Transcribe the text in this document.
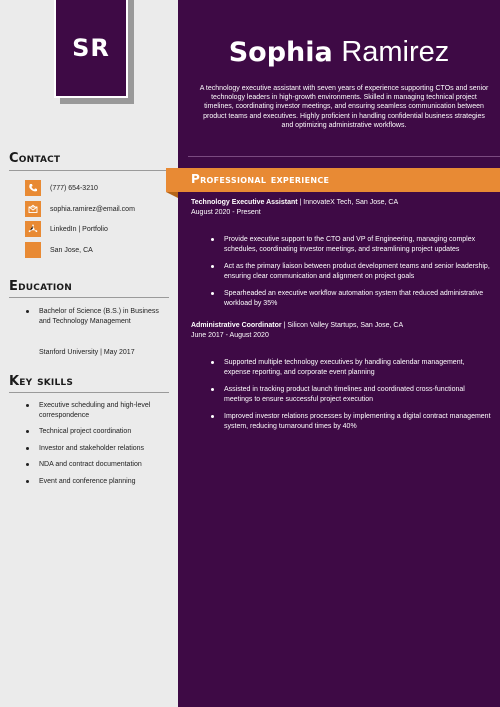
SR
Contact
(777) 654-3210
sophia.ramirez@email.com
LinkedIn | Portfolio
San Jose, CA
Education
Bachelor of Science (B.S.) in Business and Technology Management
Stanford University | May 2017
Key skills
Executive scheduling and high-level correspondence
Technical project coordination
Investor and stakeholder relations
NDA and contract documentation
Event and conference planning
Sophia Ramirez
A technology executive assistant with seven years of experience supporting CTOs and senior technology leaders in high-growth environments. Skilled in managing technical project timelines, coordinating investor meetings, and ensuring seamless communication between product teams and executives. Highly proficient in handling confidential business strategies and optimizing administrative workflows.
Professional experience
Technology Executive Assistant | InnovateX Tech, San Jose, CA
August 2020 - Present
Provide executive support to the CTO and VP of Engineering, managing complex schedules, coordinating investor meetings, and streamlining project updates
Act as the primary liaison between product development teams and senior leadership, ensuring clear communication and alignment on project goals
Spearheaded an executive workflow automation system that reduced administrative workload by 35%
Administrative Coordinator | Silicon Valley Startups, San Jose, CA
June 2017 - August 2020
Supported multiple technology executives by handling calendar management, expense reporting, and corporate event planning
Assisted in tracking product launch timelines and coordinated cross-functional meetings to ensure successful project execution
Improved investor relations processes by implementing a digital contract management system, reducing turnaround times by 40%
